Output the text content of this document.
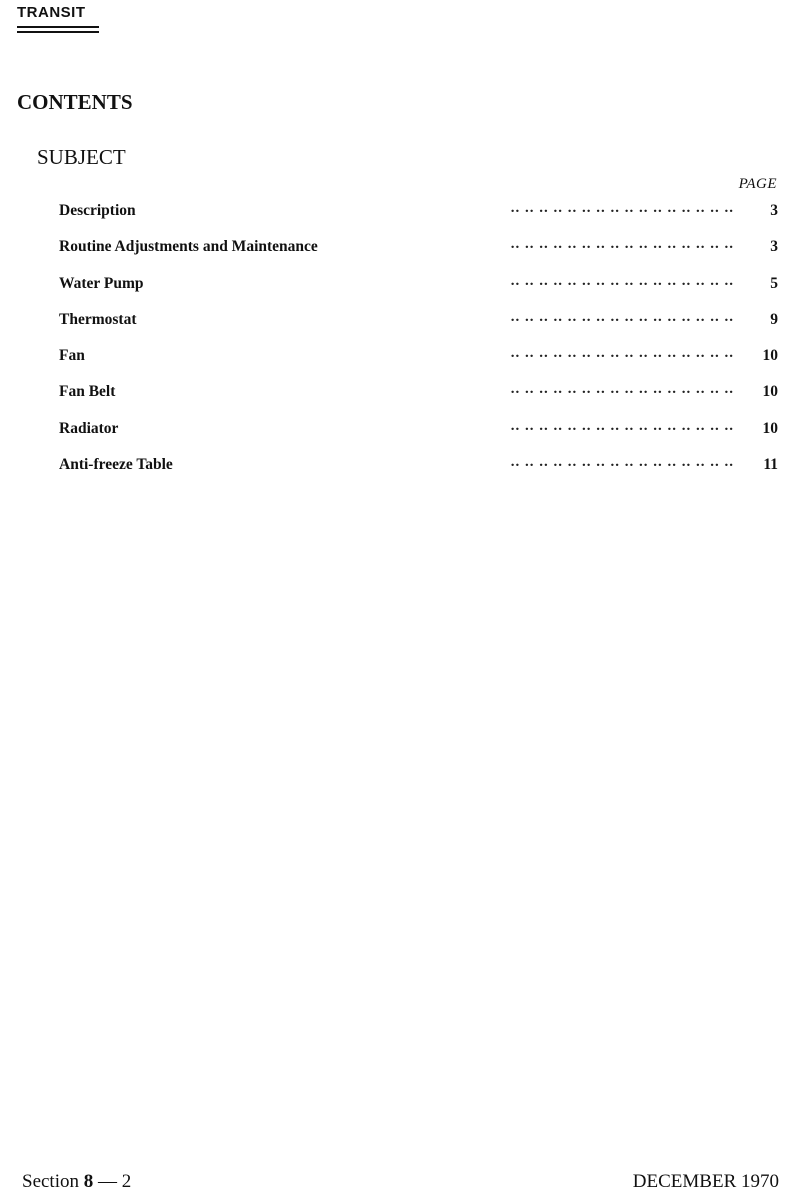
TRANSIT
CONTENTS
SUBJECT
PAGE
.. .. .. .. .. .. .. .. .. .. .. .. .. .. .. ..
Description	3
.. .. .. .. .. .. .. .. .. .. .. .. .. .. .. ..
Routine Adjustments and Maintenance	3
.. .. .. .. .. .. .. .. .. .. .. .. .. .. .. ..
Water Pump	5
.. .. .. .. .. .. .. .. .. .. .. .. .. .. .. ..
Thermostat	9
.. .. .. .. .. .. .. .. .. .. .. .. .. .. .. ..
Fan	10
.. .. .. .. .. .. .. .. .. .. .. .. .. .. .. ..
Fan Belt	10
.. .. .. .. .. .. .. .. .. .. .. .. .. .. .. ..
Radiator	10
.. .. .. .. .. .. .. .. .. .. .. .. .. .. .. ..
Anti-freeze Table	11
Section 8 — 2	DECEMBER 1970
